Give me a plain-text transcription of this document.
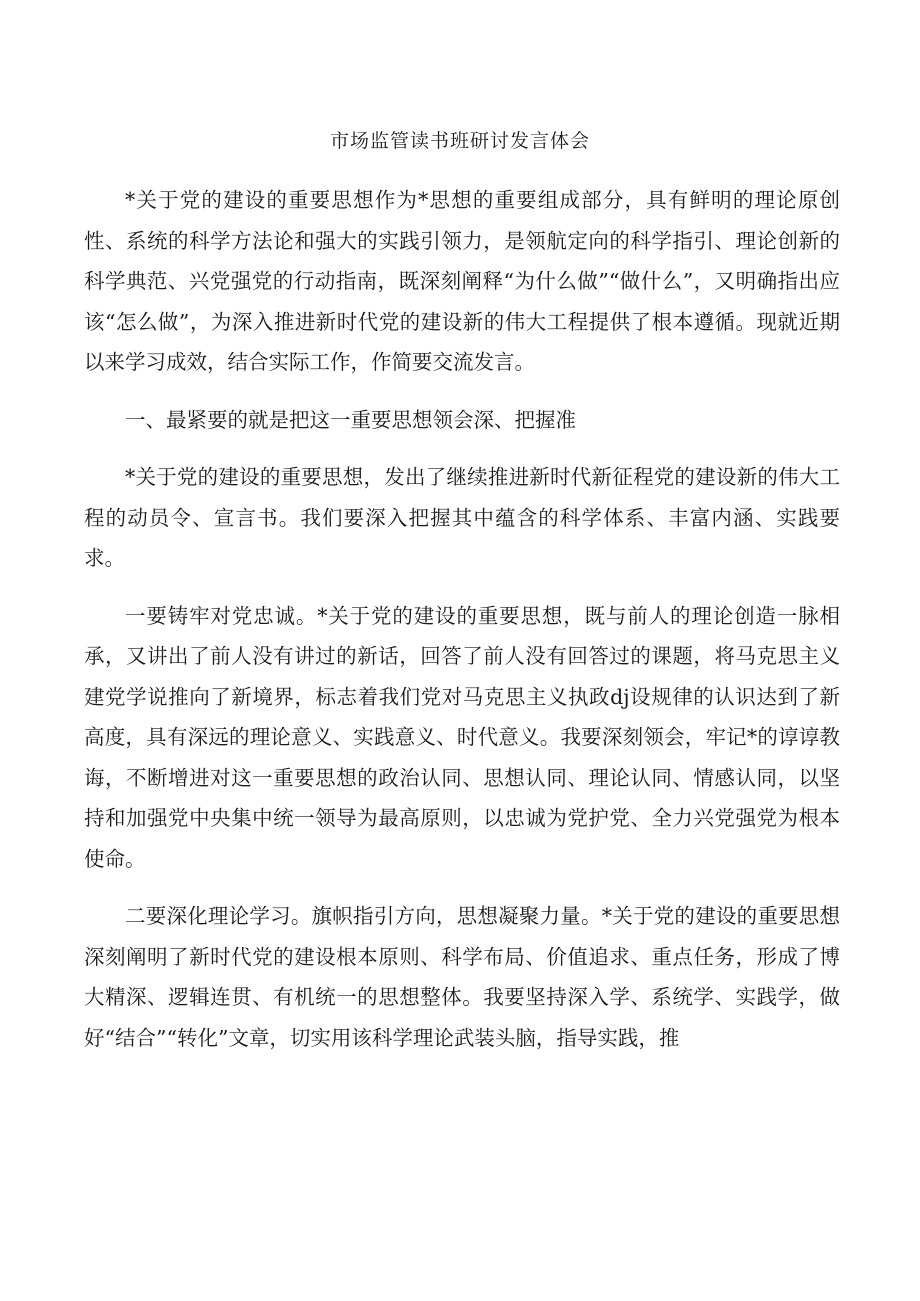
市场监管读书班研讨发言体会

*关于党的建设的重要思想作为*思想的重要组成部分，具有鲜明的理论原创性、系统的科学方法论和强大的实践引领力，是领航定向的科学指引、理论创新的科学典范、兴党强党的行动指南，既深刻阐释“为什么做”“做什么”，又明确指出应该“怎么做”，为深入推进新时代党的建设新的伟大工程提供了根本遵循。现就近期以来学习成效，结合实际工作，作简要交流发言。

一、最紧要的就是把这一重要思想领会深、把握准

*关于党的建设的重要思想，发出了继续推进新时代新征程党的建设新的伟大工程的动员令、宣言书。我们要深入把握其中蕴含的科学体系、丰富内涵、实践要求。

一要铸牢对党忠诚。*关于党的建设的重要思想，既与前人的理论创造一脉相承，又讲出了前人没有讲过的新话，回答了前人没有回答过的课题，将马克思主义建党学说推向了新境界，标志着我们党对马克思主义执政dj设规律的认识达到了新高度，具有深远的理论意义、实践意义、时代意义。我要深刻领会，牢记*的谆谆教诲，不断增进对这一重要思想的政治认同、思想认同、理论认同、情感认同，以坚持和加强党中央集中统一领导为最高原则，以忠诚为党护党、全力兴党强党为根本使命。

二要深化理论学习。旗帜指引方向，思想凝聚力量。*关于党的建设的重要思想深刻阐明了新时代党的建设根本原则、科学布局、价值追求、重点任务，形成了博大精深、逻辑连贯、有机统一的思想整体。我要坚持深入学、系统学、实践学，做好“结合”“转化”文章，切实用该科学理论武装头脑，指导实践，推
